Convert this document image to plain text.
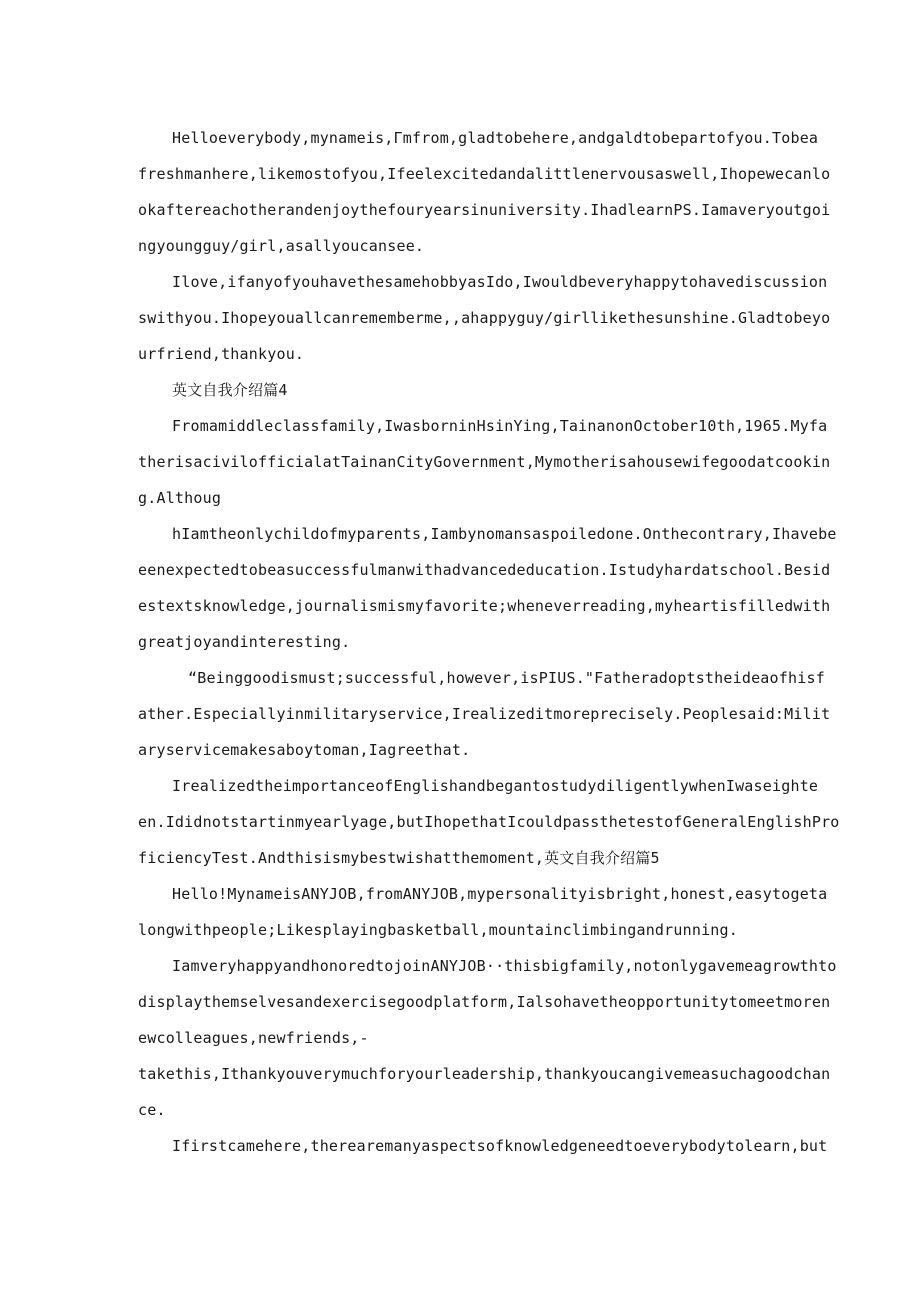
Helloeverybody,mynameis,Γmfrom,gladtobehere,andgaldtobepartofyou.Tobea

freshmanhere,likemostofyou,Ifeelexcitedandalittlenervousaswell,Ihopewecanlo
okaftereachotherandenjoythefouryearsinuniversity.IhadlearnPS.Iamaveryoutgoi
ngyoungguy/girl,asallyoucansee.

Ilove,ifanyofyouhavethesamehobbyasIdo,Iwouldbeveryhappytohavediscussion

swithyou.Ihopeyouallcanrememberme,,ahappyguy/girllikethesunshine.Gladtobeyo
urfriend,thankyou.

英文自我介绍篇4

Fromamiddleclassfamily,IwasborninHsinYing,TainanonOctober10th,1965.Myfa

therisacivilofficialatTainanCityGovernment,Mymotherisahousewifegoodatcookin
g.Althoug

hIamtheonlychildofmyparents,Iambynomansaspoiledone.Onthecontrary,Ihavebe

eenexpectedtobeasuccessfulmanwithadvancededucation.Istudyhardatschool.Besid
estextsknowledge,journalismismyfavorite;wheneverreading,myheartisfilledwith
greatjoyandinteresting.

“Beinggoodismust;successful,however,isPIUS."Fatheradoptstheideaofhisf

ather.Especiallyinmilitaryservice,Irealizeditmoreprecisely.Peoplesaid:Milit
aryservicemakesaboytoman,Iagreethat.

IrealizedtheimportanceofEnglishandbegantostudydiligentlywhenIwaseighte

en.Ididnotstartinmyearlyage,butIhopethatIcouldpassthetestofGeneralEnglishPro
ficiencyTest.Andthisismybestwishatthemoment,英文自我介绍篇5

Hello!MynameisANYJOB,fromANYJOB,mypersonalityisbright,honest,easytogeta

longwithpeople;Likesplayingbasketball,mountainclimbingandrunning.

IamveryhappyandhonoredtojoinANYJOB··thisbigfamily,notonlygavemeagrowthto

displaythemselvesandexercisegoodplatform,Ialsohavetheopportunitytomeetmoren
ewcolleagues,newfriends,-

takethis,Ithankyouverymuchforyourleadership,thankyoucangivemeasuchagoodchan
ce.

Ifirstcamehere,therearemanyaspectsofknowledgeneedtoeverybodytolearn,but
